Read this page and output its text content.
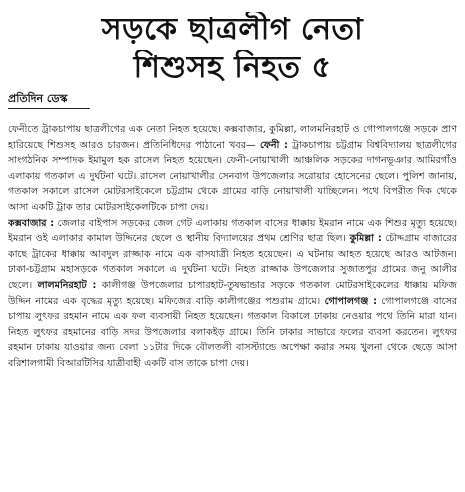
সড়কে ছাত্রলীগ নেতা
শিশুসহ নিহত ৫
প্রতিদিন ডেস্ক

ফেনীতে ট্রাকচাপায় ছাত্রলীগের এক নেতা নিহত হয়েছে। কক্সবাজার, কুমিল্লা, লালমনিরহাট ও গোপালগঞ্জে সড়কে প্রাণ হারিয়েছে শিশুসহ আরও চারজন। প্রতিনিধিদের পাঠানো খবর— ফেনী : ট্রাকচাপায় চট্টগ্রাম বিশ্ববিদ্যালয় ছাত্রলীগের সাংগঠনিক সম্পাদক ইমামুল হক রাসেল নিহত হয়েছেন। ফেনী-নোয়াখালী আঞ্চলিক সড়কের দাগনভূঞার আমিরগাঁও এলাকায় গতকাল এ দুর্ঘটনা ঘটে। রাসেল নোয়াখালীর সেনবাগ উপজেলার সরোয়ার হোসেনের ছেলে। পুলিশ জানায়, গতকাল সকালে রাসেল মোটরসাইকেলে চট্টগ্রাম থেকে গ্রামের বাড়ি নোয়াখালী যাচ্ছিলেন। পথে বিপরীত দিক থেকে আসা একটি ট্রাক তার মোটরসাইকেলটিকে চাপা দেয়।

কক্সবাজার : জেলার বাইপাস সড়কের জেল গেট এলাকায় গতকাল বাসের ধাক্কায় ইমরান নামে এক শিশুর মৃত্যু হয়েছে। ইমরান ওই এলাকার কামাল উদ্দিনের ছেলে ও স্থানীয় বিদ্যালয়ের প্রথম শ্রেণির ছাত্র ছিল। কুমিল্লা : চৌদ্দগ্রাম বাজারের কাছে ট্রাকের ধাক্কায় আবদুল রাজ্জাক নামে এক বাসযাত্রী নিহত হয়েছেন। এ ঘটনায় আহত হয়েছে আরও আটজন। ঢাকা-চট্টগ্রাম মহাসড়কে গতকাল সকালে এ দুর্ঘটনা ঘটে। নিহত রাজ্জাক উপজেলার সুজাতপুর গ্রামের জনু আলীর ছেলে। লালমনিরহাট : কালীগঞ্জ উপজেলার চাপারহাট-তুষভান্ডার সড়কে গতকাল মোটরসাইকেলের ধাক্কায় মফিজ উদ্দিন নামের এক বৃদ্ধের মৃত্যু হয়েছে। মফিজের বাড়ি কালীগঞ্জের পশুরাম গ্রামে। গোপালগঞ্জ : গোপালগঞ্জে বাসের চাপায় লুৎফর রহমান নামে এক ফল ব্যবসায়ী নিহত হয়েছেন। গতকাল বিকালে ঢাকায় নেওয়ার পথে তিনি মারা যান। নিহত লুৎফর রহমানের বাড়ি সদর উপজেলার বলাকইড় গ্রামে। তিনি ঢাকার সাভারে ফলের ব্যবসা করতেন। লুৎফর রহমান ঢাকায় যাওয়ার জন্য বেলা ১১টার দিকে বৌলতলী বাসস্ট্যান্ডে অপেক্ষা করার সময় খুলনা থেকে ছেড়ে আসা বরিশালগামী বিআরটিসির যাত্রীবাহী একটি বাস তাকে চাপা দেয়।
